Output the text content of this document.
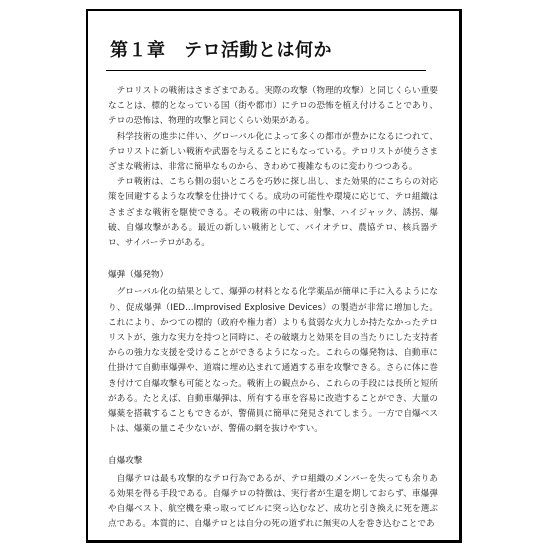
第１章　テロ活動とは何か

テロリストの戦術はさまざまである。実際の攻撃（物理的攻撃）と同じくらい重要なことは、標的となっている国（街や都市）にテロの恐怖を植え付けることであり、テロの恐怖は、物理的攻撃と同じくらい効果がある。

科学技術の進歩に伴い、グローバル化によって多くの都市が豊かになるにつれて、テロリストに新しい戦術や武器を与えることにもなっている。テロリストが使うさまざまな戦術は、非常に簡単なものから、きわめて複雑なものに変わりつつある。

テロ戦術は、こちら側の弱いところを巧妙に探し出し、また効果的にこちらの対応策を回避するような攻撃を仕掛けてくる。成功の可能性や環境に応じて、テロ組織はさまざまな戦術を駆使できる。その戦術の中には、射撃、ハイジャック、誘拐、爆破、自爆攻撃がある。最近の新しい戦術として、バイオテロ、農協テロ、核兵器テロ、サイバーテロがある。

爆弾（爆発物）

グローバル化の結果として、爆弾の材料となる化学薬品が簡単に手に入るようになり、促成爆弾（IED…Improvised Explosive Devices）の製造が非常に増加した。これにより、かつての標的（政府や権力者）よりも貧弱な火力しか持たなかったテロリストが、強力な実力を持つと同時に、その破壊力と効果を目の当たりにした支持者からの強力な支援を受けることができるようになった。これらの爆発物は、自動車に仕掛けて自動車爆弾や、道端に埋め込まれて通過する車を攻撃できる。さらに体に巻き付けて自爆攻撃も可能となった。戦術上の観点から、これらの手段には長所と短所がある。たとえば、自動車爆弾は、所有する車を容易に改造することができ、大量の爆薬を搭載することもできるが、警備員に簡単に発見されてしまう。一方で自爆ベストは、爆薬の量こそ少ないが、警備の網を抜けやすい。

自爆攻撃

自爆テロは最も攻撃的なテロ行為であるが、テロ組織のメンバーを失っても余りある効果を得る手段である。自爆テロの特徴は、実行者が生還を期しておらず、車爆弾や自爆ベスト、航空機を乗っ取ってビルに突っ込むなど、成功と引き換えに死を選ぶ点である。本質的に、自爆テロとは自分の死の道ずれに無実の人を巻き込むことであ
